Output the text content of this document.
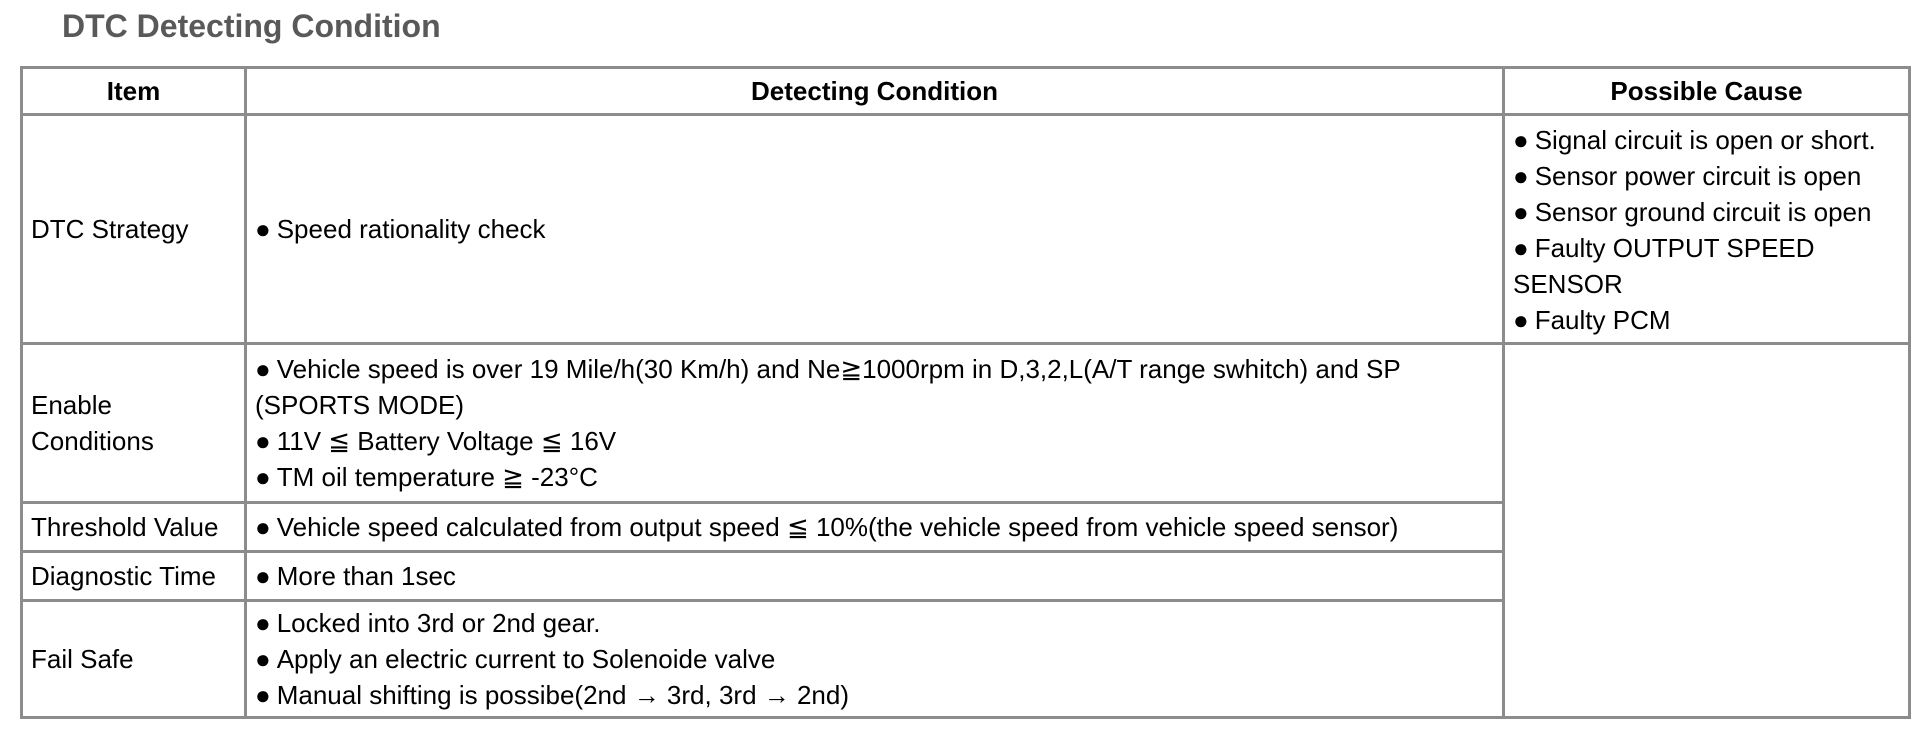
DTC Detecting Condition
Item	Detecting Condition	Possible Cause
DTC Strategy	● Speed rationality check	● Signal circuit is open or short.
● Sensor power circuit is open
● Sensor ground circuit is open
● Faulty OUTPUT SPEED SENSOR
● Faulty PCM

Enable Conditions	● Vehicle speed is over 19 Mile/h(30 Km/h) and Ne≧1000rpm in D,3,2,L(A/T range swhitch) and SP (SPORTS MODE)
● 11V ≦ Battery Voltage ≦ 16V
● TM oil temperature ≧ -23°C	

Threshold Value	● Vehicle speed calculated from output speed ≦ 10%(the vehicle speed from vehicle speed sensor)	

Diagnostic Time	● More than 1sec	

Fail Safe	● Locked into 3rd or 2nd gear.
● Apply an electric current to Solenoide valve
● Manual shifting is possibe(2nd → 3rd, 3rd → 2nd)	
